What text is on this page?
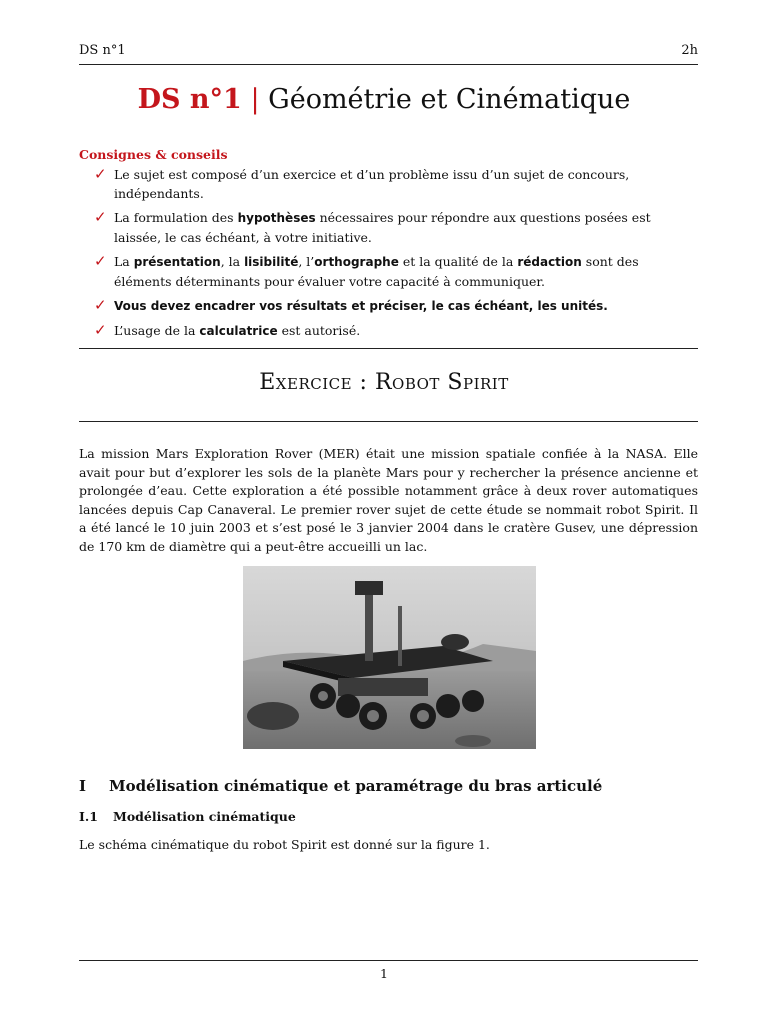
DS n°1	2h
DS n°1 | Géométrie et Cinématique
Consignes & conseils
✓ Le sujet est composé d’un exercice et d’un problème issu d’un sujet de concours, indépendants.
✓ La formulation des hypothèses nécessaires pour répondre aux questions posées est laissée, le cas échéant, à votre initiative.
✓ La présentation, la lisibilité, l’orthographe et la qualité de la rédaction sont des éléments déterminants pour évaluer votre capacité à communiquer.
✓ Vous devez encadrer vos résultats et préciser, le cas échéant, les unités.
✓ L’usage de la calculatrice est autorisé.
Exercice : Robot Spirit
La mission Mars Exploration Rover (MER) était une mission spatiale confiée à la NASA. Elle avait pour but d’explorer les sols de la planète Mars pour y rechercher la présence ancienne et prolongée d’eau. Cette exploration a été possible notamment grâce à deux rover automatiques lancées depuis Cap Canaveral. Le premier rover sujet de cette étude se nommait robot Spirit. Il a été lancé le 10 juin 2003 et s’est posé le 3 janvier 2004 dans le cratère Gusev, une dépression de 170 km de diamètre qui a peut-être accueilli un lac.
I Modélisation cinématique et paramétrage du bras articulé
I.1 Modélisation cinématique
Le schéma cinématique du robot Spirit est donné sur la figure 1.
1
